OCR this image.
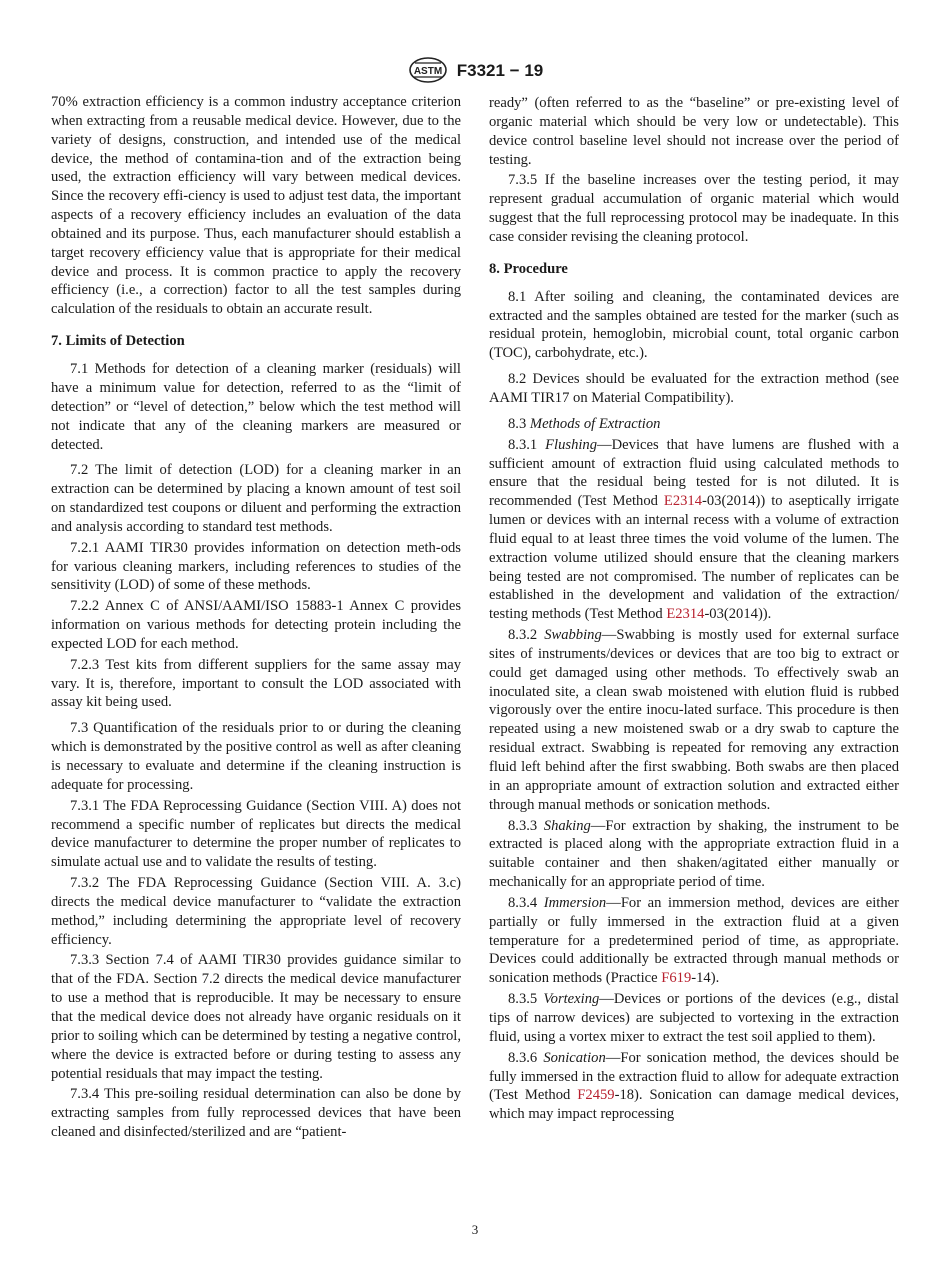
ASTM F3321 − 19

70% extraction efficiency is a common industry acceptance criterion when extracting from a reusable medical device. However, due to the variety of designs, construction, and intended use of the medical device, the method of contamina-tion and of the extraction being used, the extraction efficiency will vary between medical devices. Since the recovery effi-ciency is used to adjust test data, the important aspects of a recovery efficiency includes an evaluation of the data obtained and its purpose. Thus, each manufacturer should establish a target recovery efficiency value that is appropriate for their medical device and process. It is common practice to apply the recovery efficiency (i.e., a correction) factor to all the test samples during calculation of the residuals to obtain an accurate result.

7. Limits of Detection

7.1 Methods for detection of a cleaning marker (residuals) will have a minimum value for detection, referred to as the “limit of detection” or “level of detection,” below which the test method will not indicate that any of the cleaning markers are measured or detected.

7.2 The limit of detection (LOD) for a cleaning marker in an extraction can be determined by placing a known amount of test soil on standardized test coupons or diluent and performing the extraction and analysis according to standard test methods.

7.2.1 AAMI TIR30 provides information on detection meth-ods for various cleaning markers, including references to studies of the sensitivity (LOD) of some of these methods.

7.2.2 Annex C of ANSI/AAMI/ISO 15883-1 Annex C provides information on various methods for detecting protein including the expected LOD for each method.

7.2.3 Test kits from different suppliers for the same assay may vary. It is, therefore, important to consult the LOD associated with assay kit being used.

7.3 Quantification of the residuals prior to or during the cleaning which is demonstrated by the positive control as well as after cleaning is necessary to evaluate and determine if the cleaning instruction is adequate for processing.

7.3.1 The FDA Reprocessing Guidance (Section VIII. A) does not recommend a specific number of replicates but directs the medical device manufacturer to determine the proper number of replicates to simulate actual use and to validate the results of testing.

7.3.2 The FDA Reprocessing Guidance (Section VIII. A. 3.c) directs the medical device manufacturer to “validate the extraction method,” including determining the appropriate level of recovery efficiency.

7.3.3 Section 7.4 of AAMI TIR30 provides guidance similar to that of the FDA. Section 7.2 directs the medical device manufacturer to use a method that is reproducible. It may be necessary to ensure that the medical device does not already have organic residuals on it prior to soiling which can be determined by testing a negative control, where the device is extracted before or during testing to assess any potential residuals that may impact the testing.

7.3.4 This pre-soiling residual determination can also be done by extracting samples from fully reprocessed devices that have been cleaned and disinfected/sterilized and are “patient-

ready” (often referred to as the “baseline” or pre-existing level of organic material which should be very low or undetectable). This device control baseline level should not increase over the period of testing.

7.3.5 If the baseline increases over the testing period, it may represent gradual accumulation of organic material which would suggest that the full reprocessing protocol may be inadequate. In this case consider revising the cleaning protocol.

8. Procedure

8.1 After soiling and cleaning, the contaminated devices are extracted and the samples obtained are tested for the marker (such as residual protein, hemoglobin, microbial count, total organic carbon (TOC), carbohydrate, etc.).

8.2 Devices should be evaluated for the extraction method (see AAMI TIR17 on Material Compatibility).

8.3 Methods of Extraction

8.3.1 Flushing—Devices that have lumens are flushed with a sufficient amount of extraction fluid using calculated methods to ensure that the residual being tested for is not diluted. It is recommended (Test Method E2314-03(2014)) to aseptically irrigate lumen or devices with an internal recess with a volume of extraction fluid equal to at least three times the void volume of the lumen. The extraction volume utilized should ensure that the cleaning markers being tested are not compromised. The number of replicates can be established in the development and validation of the extraction/ testing methods (Test Method E2314-03(2014)).

8.3.2 Swabbing—Swabbing is mostly used for external surface sites of instruments/devices or devices that are too big to extract or could get damaged using other methods. To effectively swab an inoculated site, a clean swab moistened with elution fluid is rubbed vigorously over the entire inocu-lated surface. This procedure is then repeated using a new moistened swab or a dry swab to capture the residual extract. Swabbing is repeated for removing any extraction fluid left behind after the first swabbing. Both swabs are then placed in an appropriate amount of extraction solution and extracted either through manual methods or sonication methods.

8.3.3 Shaking—For extraction by shaking, the instrument to be extracted is placed along with the appropriate extraction fluid in a suitable container and then shaken/agitated either manually or mechanically for an appropriate period of time.

8.3.4 Immersion—For an immersion method, devices are either partially or fully immersed in the extraction fluid at a given temperature for a predetermined period of time, as appropriate. Devices could additionally be extracted through manual methods or sonication methods (Practice F619-14).

8.3.5 Vortexing—Devices or portions of the devices (e.g., distal tips of narrow devices) are subjected to vortexing in the extraction fluid, using a vortex mixer to extract the test soil applied to them).

8.3.6 Sonication—For sonication method, the devices should be fully immersed in the extraction fluid to allow for adequate extraction (Test Method F2459-18). Sonication can damage medical devices, which may impact reprocessing

3
